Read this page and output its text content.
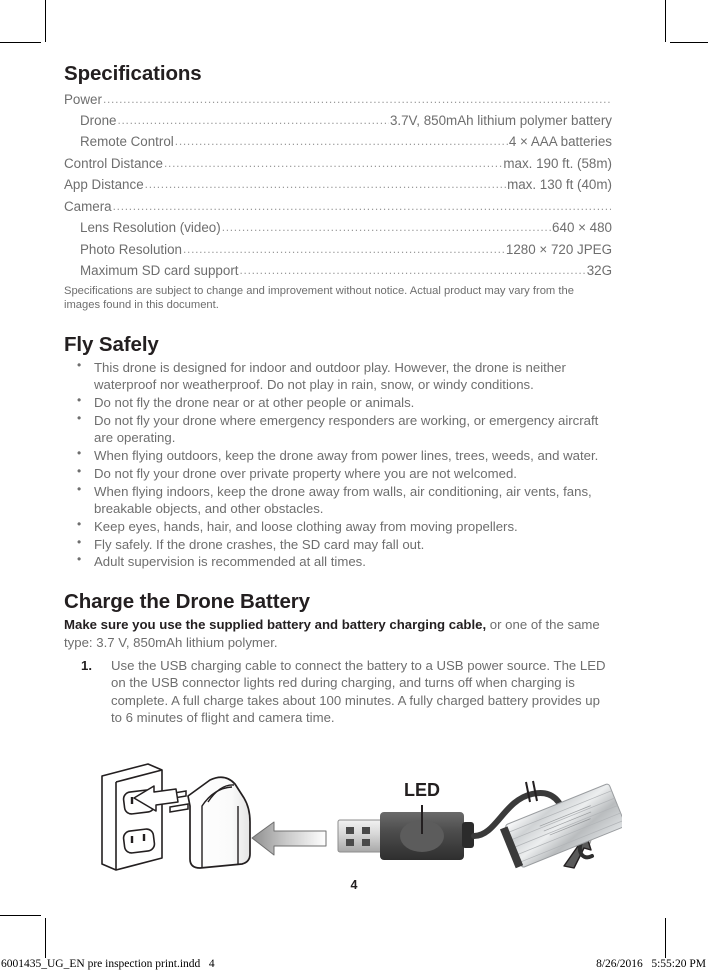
Specifications
Power
.....
Drone .....	3.7V, 850mAh lithium polymer battery
Remote Control .....	4 × AAA batteries
Control Distance .....	max. 190 ft. (58m)
App Distance .....	max. 130 ft (40m)
Camera
.....
Lens Resolution (video) .....	640 × 480
Photo Resolution .....	1280 × 720 JPEG
Maximum SD card support .....	32G
Specifications are subject to change and improvement without notice. Actual product may vary from the images found in this document.
Fly Safely
• This drone is designed for indoor and outdoor play. However, the drone is neither waterproof nor weatherproof. Do not play in rain, snow, or windy conditions.
• Do not fly the drone near or at other people or animals.
• Do not fly your drone where emergency responders are working, or emergency aircraft are operating.
• When flying outdoors, keep the drone away from power lines, trees, weeds, and water.
• Do not fly your drone over private property where you are not welcomed.
• When flying indoors, keep the drone away from walls, air conditioning, air vents, fans, breakable objects, and other obstacles.
• Keep eyes, hands, hair, and loose clothing away from moving propellers.
• Fly safely. If the drone crashes, the SD card may fall out.
• Adult supervision is recommended at all times.
Charge the Drone Battery

Make sure you use the supplied battery and battery charging cable, or one of the same type: 3.7 V, 850mAh lithium polymer.

1. Use the USB charging cable to connect the battery to a USB power source. The LED on the USB connector lights red during charging, and turns off when charging is complete. A full charge takes about 100 minutes. A fully charged battery provides up to 6 minutes of flight and camera time.
LED
4
6001435_UG_EN pre inspection print.indd   4	8/26/2016   5:55:20 PM
